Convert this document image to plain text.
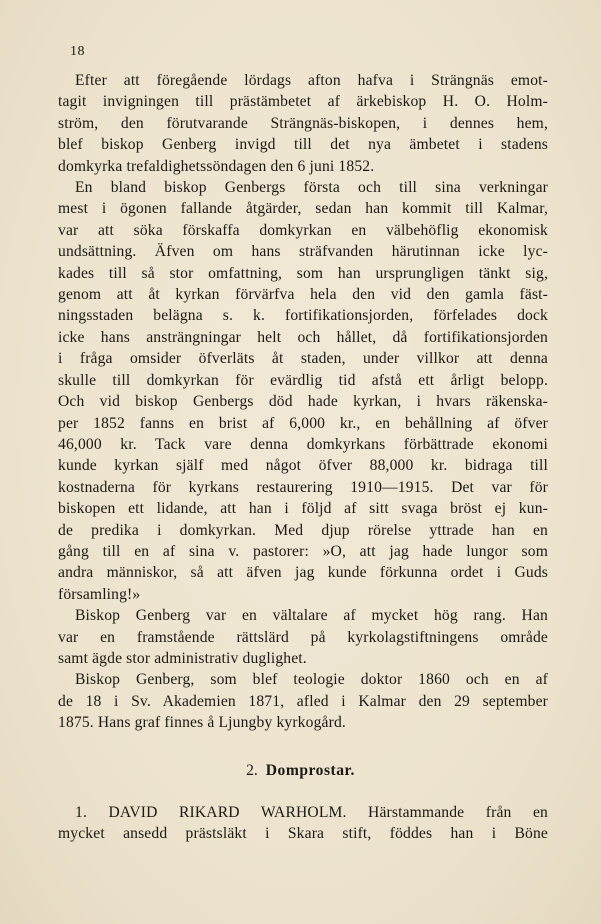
18

Efter att föregående lördags afton hafva i Strängnäs emot-
tagit invigningen till prästämbetet af ärkebiskop H. O. Holm-
ström, den förutvarande Strängnäs-biskopen, i dennes hem,
blef biskop Genberg invigd till det nya ämbetet i stadens
domkyrka trefaldighetssöndagen den 6 juni 1852.

En bland biskop Genbergs första och till sina verkningar
mest i ögonen fallande åtgärder, sedan han kommit till Kalmar,
var att söka förskaffa domkyrkan en välbehöflig ekonomisk
undsättning. Äfven om hans sträfvanden härutinnan icke lyc-
kades till så stor omfattning, som han ursprungligen tänkt sig,
genom att åt kyrkan förvärfva hela den vid den gamla fäst-
ningsstaden belägna s. k. fortifikationsjorden, förfelades dock
icke hans ansträngningar helt och hållet, då fortifikationsjorden
i fråga omsider öfverläts åt staden, under villkor att denna
skulle till domkyrkan för evärdlig tid afstå ett årligt belopp.
Och vid biskop Genbergs död hade kyrkan, i hvars räkenska-
per 1852 fanns en brist af 6,000 kr., en behållning af öfver
46,000 kr. Tack vare denna domkyrkans förbättrade ekonomi
kunde kyrkan själf med något öfver 88,000 kr. bidraga till
kostnaderna för kyrkans restaurering 1910—1915. Det var för
biskopen ett lidande, att han i följd af sitt svaga bröst ej kun-
de predika i domkyrkan. Med djup rörelse yttrade han en
gång till en af sina v. pastorer: »O, att jag hade lungor som
andra människor, så att äfven jag kunde förkunna ordet i Guds
församling!»

Biskop Genberg var en vältalare af mycket hög rang. Han
var en framstående rättslärd på kyrkolagstiftningens område
samt ägde stor administrativ duglighet.

Biskop Genberg, som blef teologie doktor 1860 och en af
de 18 i Sv. Akademien 1871, afled i Kalmar den 29 september
1875. Hans graf finnes å Ljungby kyrkogård.

2. Domprostar.
1. DAVID RIKARD WARHOLM. Härstammande från en
mycket ansedd prästsläkt i Skara stift, föddes han i Böne
